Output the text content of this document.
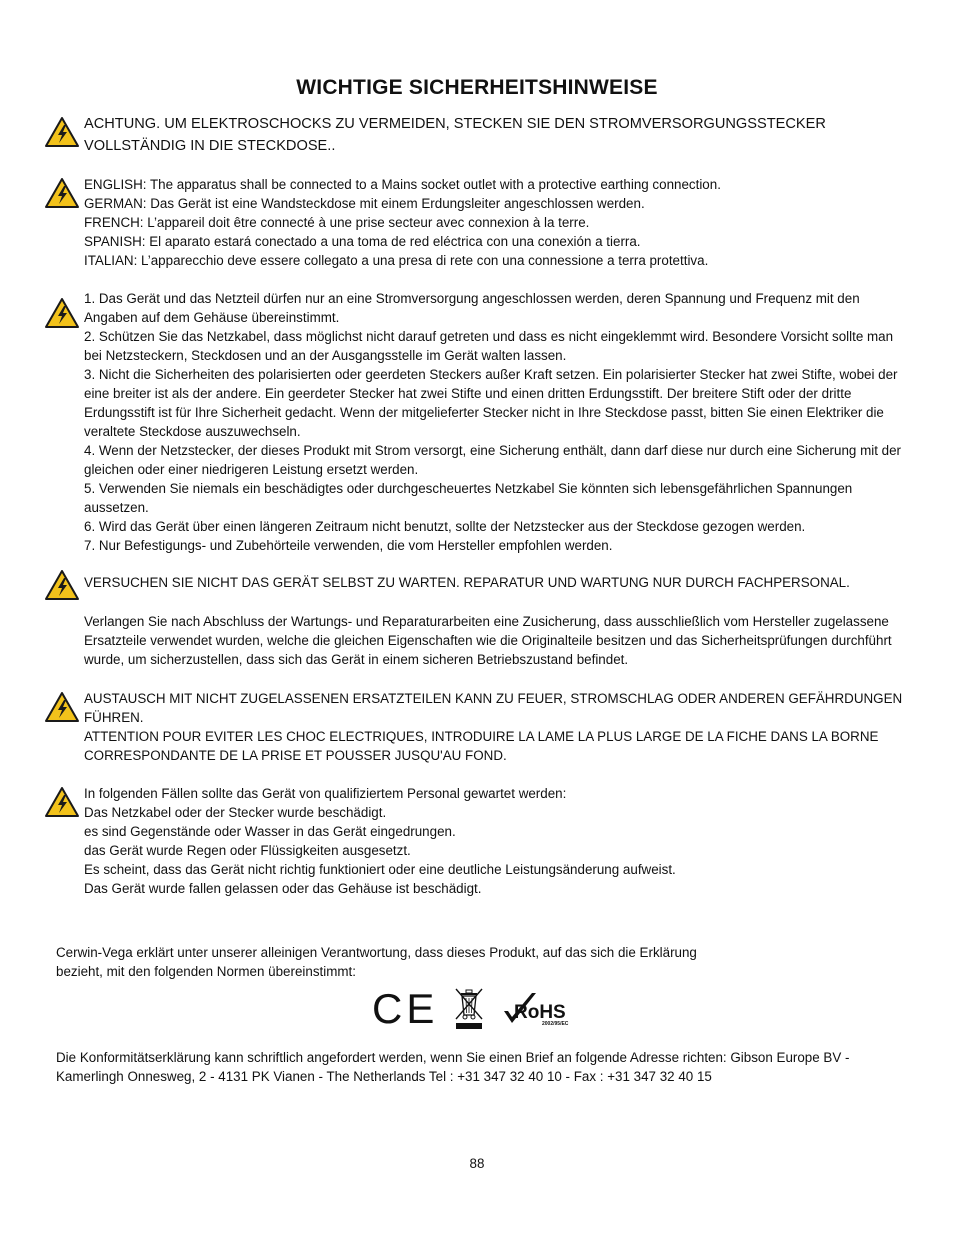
WICHTIGE SICHERHEITSHINWEISE

ACHTUNG. UM ELEKTROSCHOCKS ZU VERMEIDEN, STECKEN SIE DEN STROMVERSORGUNGSSTECKER VOLLSTÄNDIG IN DIE STECKDOSE..

ENGLISH: The apparatus shall be connected to a Mains socket outlet with a protective earthing connection.

GERMAN: Das Gerät ist eine Wandsteckdose mit einem Erdungsleiter angeschlossen werden.

FRENCH: L’appareil doit être connecté à une prise secteur avec connexion à la terre.

SPANISH: El aparato estará conectado a una toma de red eléctrica con una conexión a tierra.

ITALIAN: L’apparecchio deve essere collegato a una presa di rete con una connessione a terra protettiva.

1. Das Gerät und das Netzteil dürfen nur an eine Stromversorgung angeschlossen werden, deren Spannung und Frequenz mit den Angaben auf dem Gehäuse übereinstimmt.

2. Schützen Sie das Netzkabel, dass möglichst nicht darauf getreten und dass es nicht eingeklemmt wird. Besondere Vorsicht sollte man bei Netzsteckern, Steckdosen und an der Ausgangsstelle im Gerät walten lassen.

3. Nicht die Sicherheiten des polarisierten oder geerdeten Steckers außer Kraft setzen. Ein polarisierter Stecker hat zwei Stifte, wobei der eine breiter ist als der andere. Ein geerdeter Stecker hat zwei Stifte und einen dritten Erdungsstift. Der breitere Stift oder der dritte Erdungsstift ist für Ihre Sicherheit gedacht. Wenn der mitgelieferter Stecker nicht in Ihre Steckdose passt, bitten Sie einen Elektriker die veraltete Steckdose auszuwechseln.

4. Wenn der Netzstecker, der dieses Produkt mit Strom versorgt, eine Sicherung enthält, dann darf diese nur durch eine Sicherung mit der gleichen oder einer niedrigeren Leistung ersetzt werden.

5. Verwenden Sie niemals ein beschädigtes oder durchgescheuertes Netzkabel Sie könnten sich lebensgefährlichen Spannungen aussetzen.

6. Wird das Gerät über einen längeren Zeitraum nicht benutzt, sollte der Netzstecker aus der Steckdose gezogen werden.

7. Nur Befestigungs- und Zubehörteile verwenden, die vom Hersteller empfohlen werden.

VERSUCHEN SIE NICHT DAS GERÄT SELBST ZU WARTEN. REPARATUR UND WARTUNG NUR DURCH FACHPERSONAL.

Verlangen Sie nach Abschluss der Wartungs- und Reparaturarbeiten eine Zusicherung, dass ausschließlich vom Hersteller zugelassene Ersatzteile verwendet wurden, welche die gleichen Eigenschaften wie die Originalteile besitzen und das Sicherheitsprüfungen durchführt wurde, um sicherzustellen, dass sich das Gerät in einem sicheren Betriebszustand befindet.

AUSTAUSCH MIT NICHT ZUGELASSENEN ERSATZTEILEN KANN ZU FEUER, STROMSCHLAG ODER ANDEREN GEFÄHRDUNGEN FÜHREN.

ATTENTION POUR EVITER LES CHOC ELECTRIQUES, INTRODUIRE LA LAME LA PLUS LARGE DE LA FICHE DANS LA BORNE CORRESPONDANTE DE LA PRISE ET POUSSER JUSQU'AU FOND.

In folgenden Fällen sollte das Gerät von qualifiziertem Personal gewartet werden:

Das Netzkabel oder der Stecker wurde beschädigt.

es sind Gegenstände oder Wasser in das Gerät eingedrungen.

das Gerät wurde Regen oder Flüssigkeiten ausgesetzt.

Es scheint, dass das Gerät nicht richtig funktioniert oder eine deutliche Leistungsänderung aufweist.

Das Gerät wurde fallen gelassen oder das Gehäuse ist beschädigt.

Cerwin-Vega erklärt unter unserer alleinigen Verantwortung, dass dieses Produkt, auf das sich die Erklärung bezieht, mit den folgenden Normen übereinstimmt:
CE	RoHS
2002/95/EC
Die Konformitätserklärung kann schriftlich angefordert werden, wenn Sie einen Brief an folgende Adresse richten: Gibson Europe BV - Kamerlingh Onnesweg, 2 - 4131 PK Vianen - The Netherlands Tel : +31 347 32 40 10 - Fax : +31 347 32 40 15
88
